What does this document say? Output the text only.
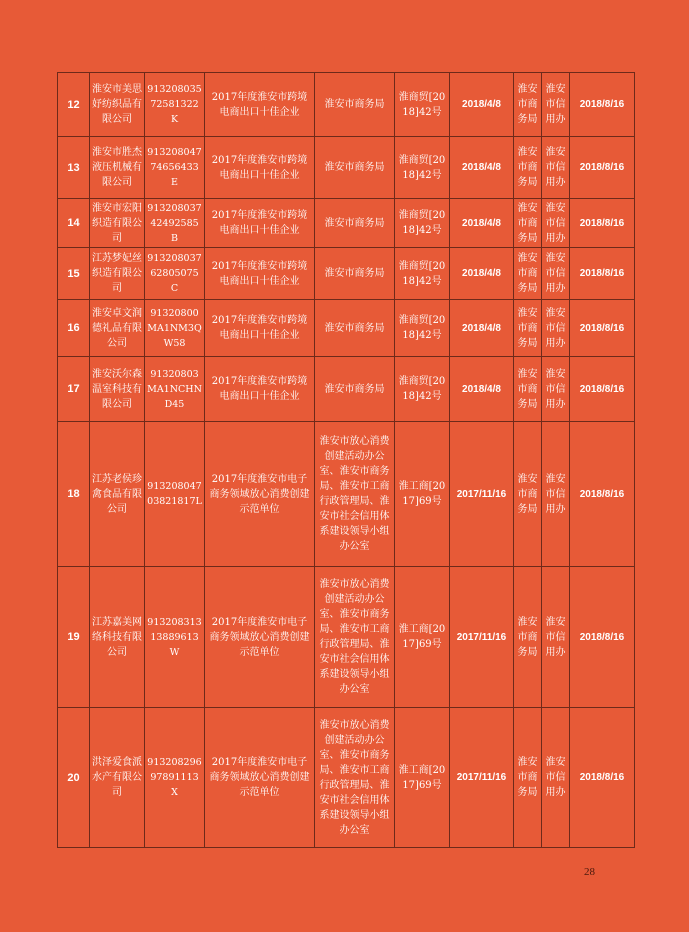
12	淮安市美思妤纺织品有限公司	91320803572581322K	2017年度淮安市跨境电商出口十佳企业	淮安市商务局	淮商贸[2018]42号	2018/4/8	淮安市商务局	淮安市信用办	2018/8/16
13	淮安市胜杰液压机械有限公司	91320804774656433E	2017年度淮安市跨境电商出口十佳企业	淮安市商务局	淮商贸[2018]42号	2018/4/8	淮安市商务局	淮安市信用办	2018/8/16
14	淮安市宏阳织造有限公司	91320803742492585B	2017年度淮安市跨境电商出口十佳企业	淮安市商务局	淮商贸[2018]42号	2018/4/8	淮安市商务局	淮安市信用办	2018/8/16
15	江苏梦妃丝织造有限公司	91320803762805075C	2017年度淮安市跨境电商出口十佳企业	淮安市商务局	淮商贸[2018]42号	2018/4/8	淮安市商务局	淮安市信用办	2018/8/16
16	淮安卓文润德礼品有限公司	91320800MA1NM3QW58	2017年度淮安市跨境电商出口十佳企业	淮安市商务局	淮商贸[2018]42号	2018/4/8	淮安市商务局	淮安市信用办	2018/8/16
17	淮安沃尔森温室科技有限公司	91320803MA1NCHND45	2017年度淮安市跨境电商出口十佳企业	淮安市商务局	淮商贸[2018]42号	2018/4/8	淮安市商务局	淮安市信用办	2018/8/16
18	江苏老侯珍禽食品有限公司	91320804703821817L	2017年度淮安市电子商务领域放心消费创建示范单位	淮安市放心消费创建活动办公室、淮安市商务局、淮安市工商行政管理局、淮安市社会信用体系建设领导小组办公室	淮工商[2017]69号	2017/11/16	淮安市商务局	淮安市信用办	2018/8/16
19	江苏嘉美网络科技有限公司	91320831313889613W	2017年度淮安市电子商务领域放心消费创建示范单位	淮安市放心消费创建活动办公室、淮安市商务局、淮安市工商行政管理局、淮安市社会信用体系建设领导小组办公室	淮工商[2017]69号	2017/11/16	淮安市商务局	淮安市信用办	2018/8/16
20	洪泽爱食派水产有限公司	91320829697891113X	2017年度淮安市电子商务领域放心消费创建示范单位	淮安市放心消费创建活动办公室、淮安市商务局、淮安市工商行政管理局、淮安市社会信用体系建设领导小组办公室	淮工商[2017]69号	2017/11/16	淮安市商务局	淮安市信用办	2018/8/16
28
